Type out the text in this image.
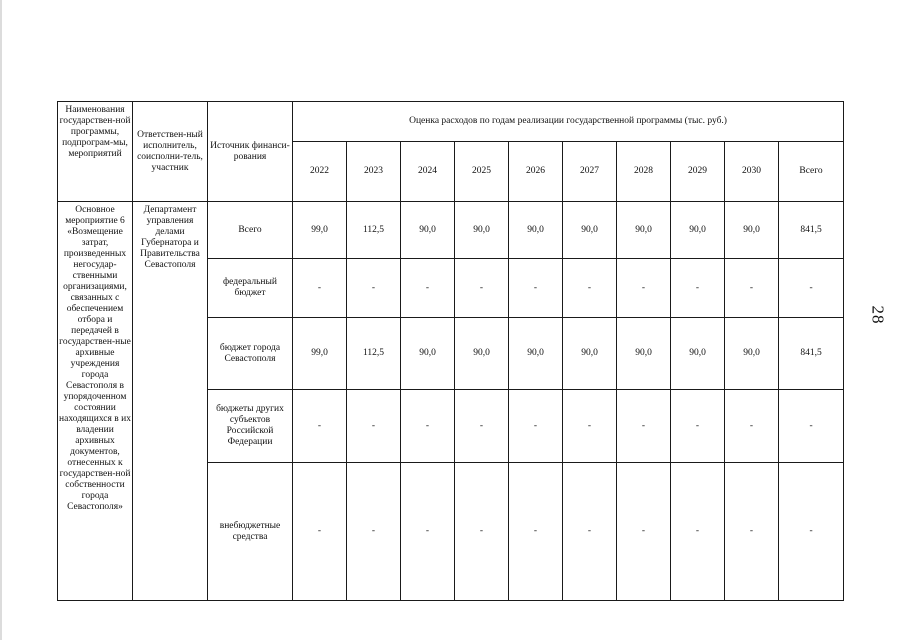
Наименования государствен-ной программы, подпрограм-мы, мероприятий	Ответствен-ный исполнитель, соисполни-тель, участник	Источник финанси-рования	Оценка расходов по годам реализации государственной программы (тыс. руб.)									
			2022	2023	2024	2025	2026	2027	2028	2029	2030	Всего
Основное мероприятие 6 «Возмещение затрат, произведенных негосудар-ственными организациями, связанных с обеспечением отбора и передачей в государствен-ные архивные учреждения города Севастополя в упорядоченном состоянии находящихся в их владении архивных документов, отнесенных к государствен-ной собственности города Севастополя»	Департамент управления делами Губернатора и Правительства Севастополя	Всего	99,0	112,5	90,0	90,0	90,0	90,0	90,0	90,0	90,0	841,5
		федеральный бюджет	-	-	-	-	-	-	-	-	-	-
		бюджет города Севастополя	99,0	112,5	90,0	90,0	90,0	90,0	90,0	90,0	90,0	841,5
		бюджеты других субъектов Российской Федерации	-	-	-	-	-	-	-	-	-	-
		внебюджетные средства	-	-	-	-	-	-	-	-	-	-
28
